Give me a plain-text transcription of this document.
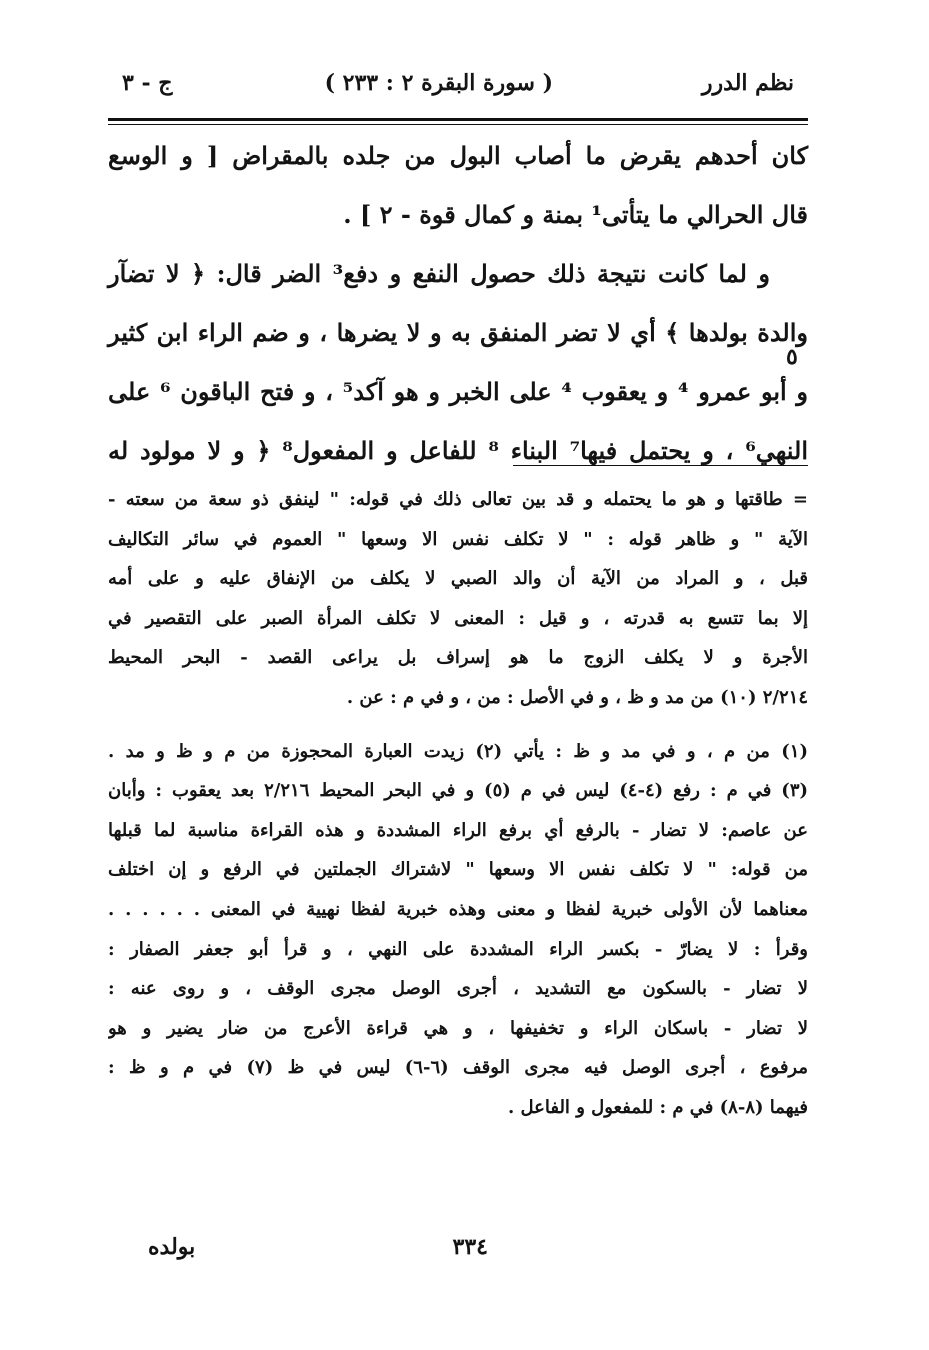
نظم الدرر
( سورة البقرة ٢ : ٢٣٣ )
ج - ٣
كان أحدهم يقرض ما أصاب البول من جلده بالمقراض [ و الوسع
قال الحرالي ما يتأتى¹ بمنة و كمال قوة - ٢ ] .
و لما كانت نتيجة ذلك حصول النفع و دفع³ الضر قال: ﴿ لا تضآر
والدة بولدها ﴾ أي لا تضر المنفق به و لا يضرها ، و ضم الراء ابن كثير
و أبو عمرو ⁴ و يعقوب ⁴ على الخبر و هو آكد⁵ ، و فتح الباقون ⁶ على
النهي⁶ ، و يحتمل فيها⁷ البناء ⁸ للفاعل و المفعول⁸ ﴿ و لا مولود له
= طاقتها و هو ما يحتمله و قد بين تعالى ذلك في قوله: " لينفق ذو سعة من سعته -
الآية " و ظاهر قوله : " لا تكلف نفس الا وسعها " العموم في سائر التكاليف
قبل ، و المراد من الآية أن والد الصبي لا يكلف من الإنفاق عليه و على أمه
إلا بما تتسع به قدرته ، و قيل : المعنى لا تكلف المرأة الصبر على التقصير في
الأجرة و لا يكلف الزوج ما هو إسراف بل يراعى القصد - البحر المحيط
٢/٢١٤ (١٠) من مد و ظ ، و في الأصل : من ، و في م : عن .
(١) من م ، و في مد و ظ : يأتي (٢) زيدت العبارة المحجوزة من م و ظ و مد .
(٣) في م : رفع (٤-٤) ليس في م (٥) و في البحر المحيط ٢/٢١٦ بعد يعقوب : وأبان
عن عاصم: لا تضار - بالرفع أي برفع الراء المشددة و هذه القراءة مناسبة لما قبلها
من قوله: " لا تكلف نفس الا وسعها " لاشتراك الجملتين في الرفع و إن اختلف
معناهما لأن الأولى خبرية لفظا و معنى وهذه خبرية لفظا نهيية في المعنى . . . . . .
وقرأ : لا يضارّ - بكسر الراء المشددة على النهي ، و قرأ أبو جعفر الصفار :
لا تضار - بالسكون مع التشديد ، أجرى الوصل مجرى الوقف ، و روى عنه :
لا تضار - باسكان الراء و تخفيفها ، و هي قراءة الأعرج من ضار يضير و هو
مرفوع ، أجرى الوصل فيه مجرى الوقف (٦-٦) ليس في ظ (٧) في م و ظ :
فيهما (٨-٨) في م : للمفعول و الفاعل .
٣٣٤
بولده
٥
